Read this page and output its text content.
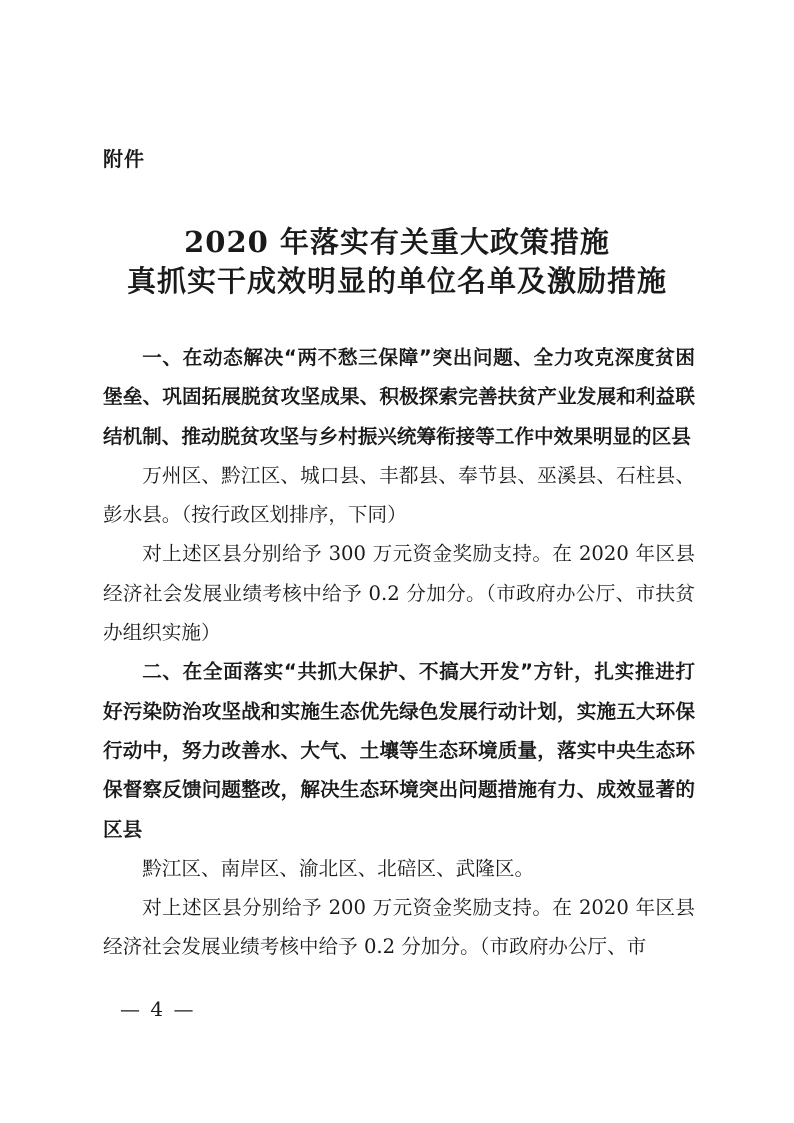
附件
2020 年落实有关重大政策措施
真抓实干成效明显的单位名单及激励措施

一、在动态解决“两不愁三保障”突出问题、全力攻克深度贫困堡垒、巩固拓展脱贫攻坚成果、积极探索完善扶贫产业发展和利益联结机制、推动脱贫攻坚与乡村振兴统筹衔接等工作中效果明显的区县

万州区、黔江区、城口县、丰都县、奉节县、巫溪县、石柱县、彭水县。（按行政区划排序，下同）

对上述区县分别给予 300 万元资金奖励支持。在 2020 年区县经济社会发展业绩考核中给予 0.2 分加分。（市政府办公厅、市扶贫办组织实施）

二、在全面落实“共抓大保护、不搞大开发”方针，扎实推进打好污染防治攻坚战和实施生态优先绿色发展行动计划，实施五大环保行动中，努力改善水、大气、土壤等生态环境质量，落实中央生态环保督察反馈问题整改，解决生态环境突出问题措施有力、成效显著的区县

黔江区、南岸区、渝北区、北碚区、武隆区。

对上述区县分别给予 200 万元资金奖励支持。在 2020 年区县经济社会发展业绩考核中给予 0.2 分加分。（市政府办公厅、市

— 4 —
